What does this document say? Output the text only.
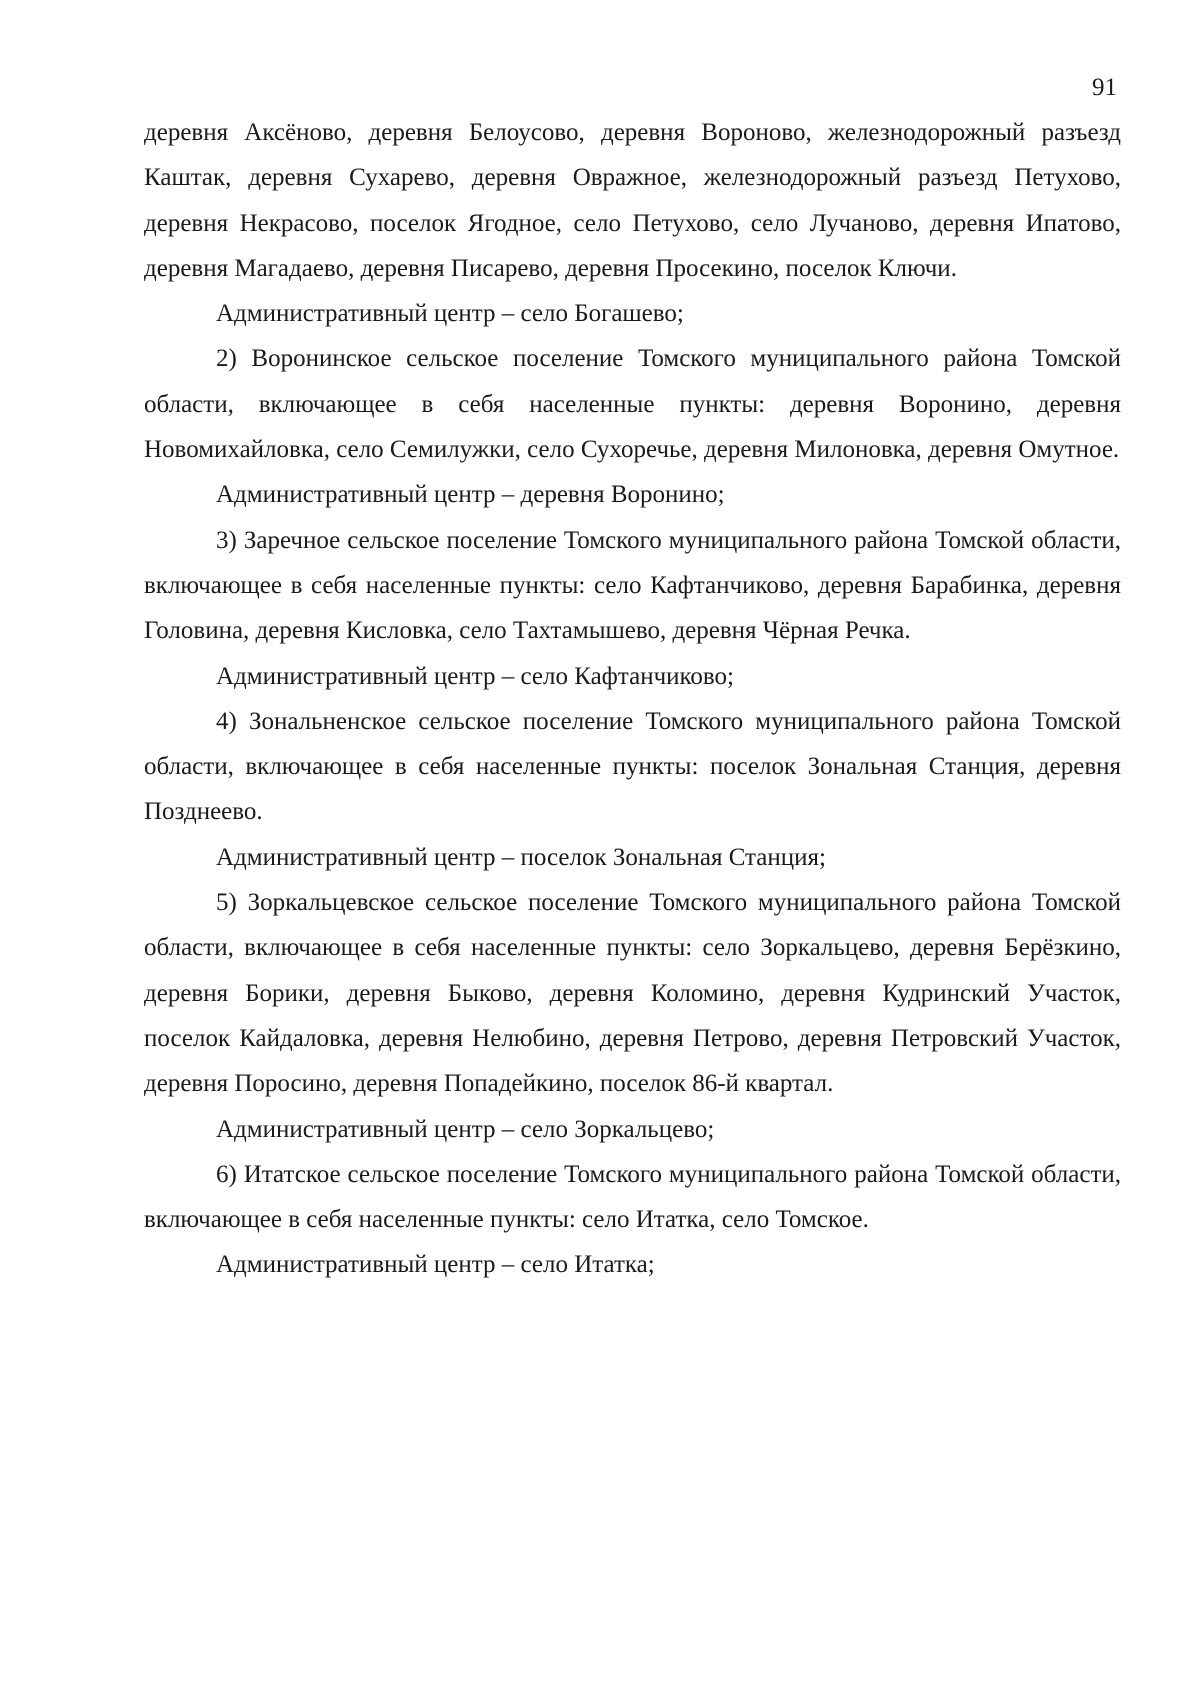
91

деревня Аксёново, деревня Белоусово, деревня Вороново, железнодорожный разъезд Каштак, деревня Сухарево, деревня Овражное, железнодорожный разъезд Петухово, деревня Некрасово, поселок Ягодное, село Петухово, село Лучаново, деревня Ипатово, деревня Магадаево, деревня Писарево, деревня Просекино, поселок Ключи.

Административный центр – село Богашево;

2) Воронинское сельское поселение Томского муниципального района Томской области, включающее в себя населенные пункты: деревня Воронино, деревня Новомихайловка, село Семилужки, село Сухоречье, деревня Милоновка, деревня Омутное.

Административный центр – деревня Воронино;

3) Заречное сельское поселение Томского муниципального района Томской области, включающее в себя населенные пункты: село Кафтанчиково, деревня Барабинка, деревня Головина, деревня Кисловка, село Тахтамышево, деревня Чёрная Речка.

Административный центр – село Кафтанчиково;

4) Зональненское сельское поселение Томского муниципального района Томской области, включающее в себя населенные пункты: поселок Зональная Станция, деревня Позднеево.

Административный центр – поселок Зональная Станция;

5) Зоркальцевское сельское поселение Томского муниципального района Томской области, включающее в себя населенные пункты: село Зоркальцево, деревня Берёзкино, деревня Борики, деревня Быково, деревня Коломино, деревня Кудринский Участок, поселок Кайдаловка, деревня Нелюбино, деревня Петрово, деревня Петровский Участок, деревня Поросино, деревня Попадейкино, поселок 86-й квартал.

Административный центр – село Зоркальцево;

6) Итатское сельское поселение Томского муниципального района Томской области, включающее в себя населенные пункты: село Итатка, село Томское.

Административный центр – село Итатка;
